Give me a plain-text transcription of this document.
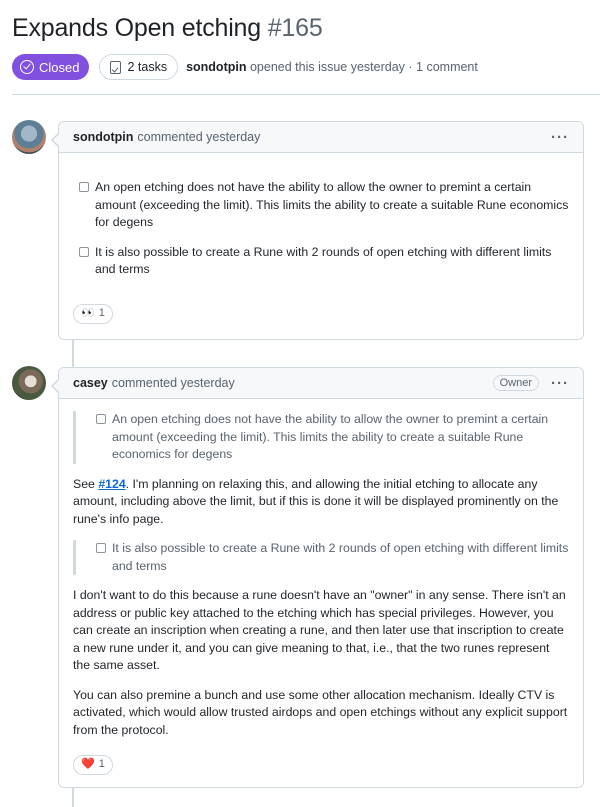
Expands Open etching #165
Closed	2 tasks sondotpin opened this issue yesterday · 1 comment
sondotpin commented yesterday	···
An open etching does not have the ability to allow the owner to premint a certain amount (exceeding the limit). This limits the ability to create a suitable Rune economics for degens
It is also possible to create a Rune with 2 rounds of open etching with different limits and terms
👀 1
casey commented yesterday	Owner	···
An open etching does not have the ability to allow the owner to premint a certain amount (exceeding the limit). This limits the ability to create a suitable Rune economics for degens

See #124. I'm planning on relaxing this, and allowing the initial etching to allocate any amount, including above the limit, but if this is done it will be displayed prominently on the rune's info page.

It is also possible to create a Rune with 2 rounds of open etching with different limits and terms

I don't want to do this because a rune doesn't have an "owner" in any sense. There isn't an address or public key attached to the etching which has special privileges. However, you can create an inscription when creating a rune, and then later use that inscription to create a new rune under it, and you can give meaning to that, i.e., that the two runes represent the same asset.

You can also premine a bunch and use some other allocation mechanism. Ideally CTV is activated, which would allow trusted airdops and open etchings without any explicit support from the protocol.

❤️ 1
